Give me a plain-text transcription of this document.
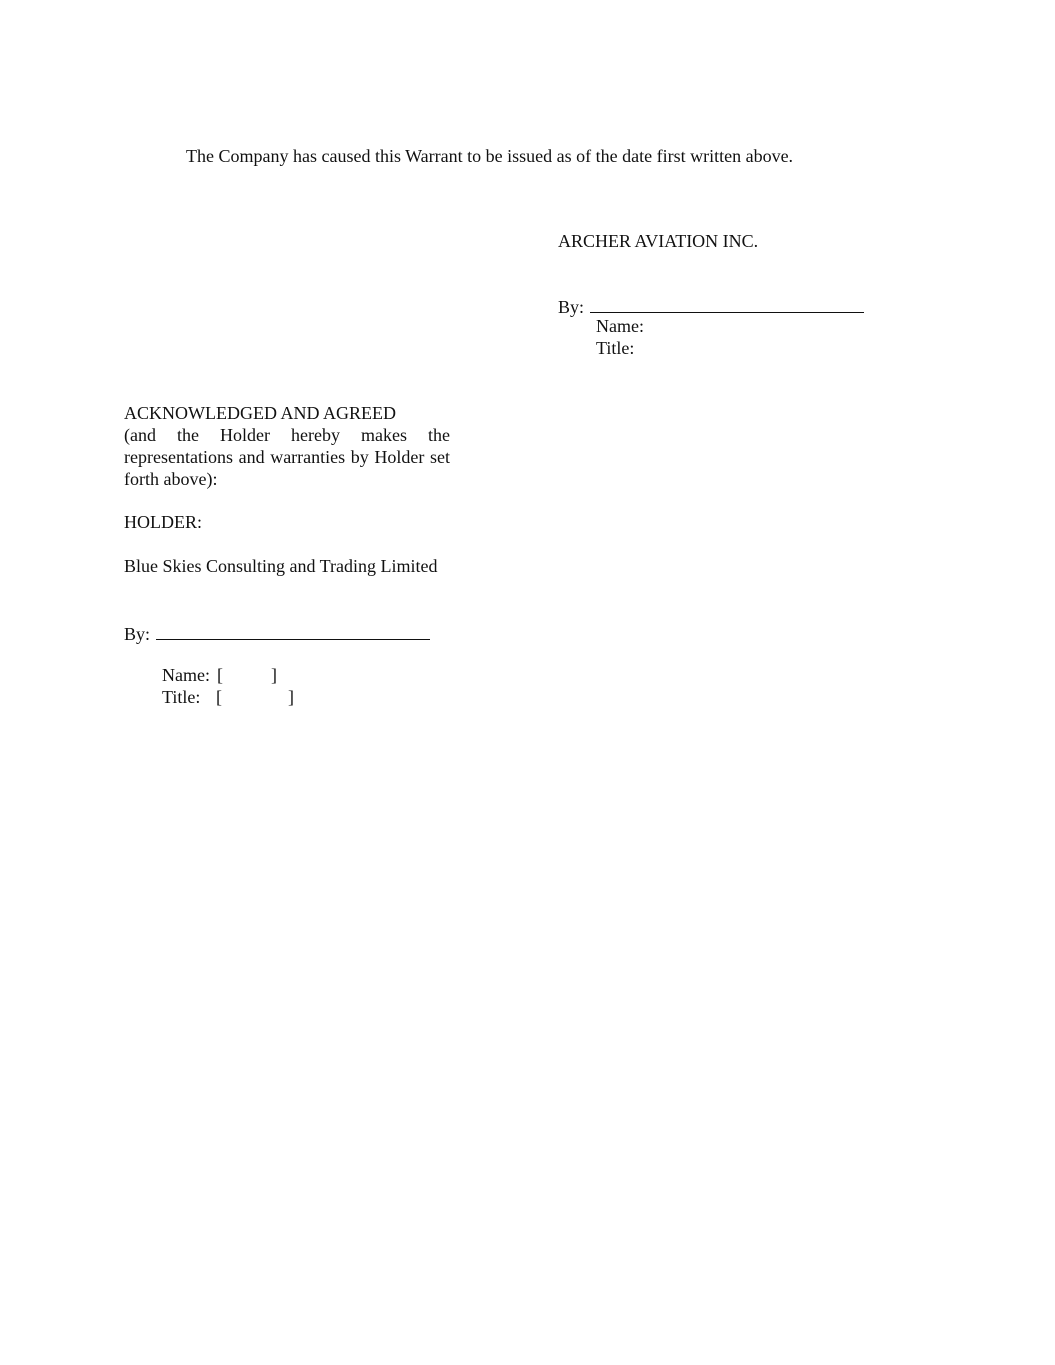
The Company has caused this Warrant to be issued as of the date first written above.
ARCHER AVIATION INC.
By:
Name:
Title:
ACKNOWLEDGED AND AGREED
(and the Holder hereby makes the representations and warranties by Holder set forth above):
HOLDER:
Blue Skies Consulting and Trading Limited
By:
Name: [	]
Title: [	]
